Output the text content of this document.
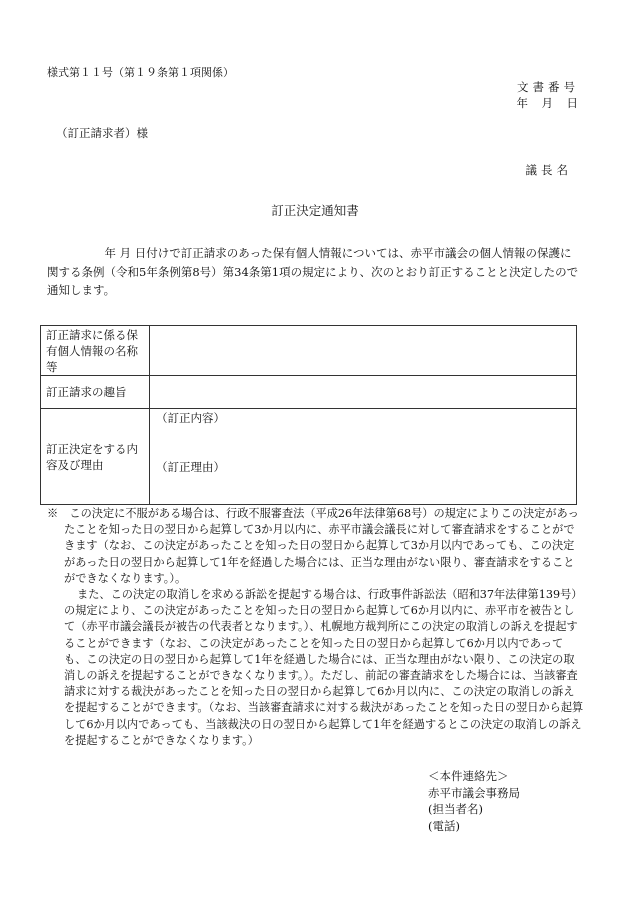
様式第１１号（第１９条第１項関係）
文書番号
年　月　日
（訂正請求者）様
議長名
訂正決定通知書

　年 月 日付けで訂正請求のあった保有個人情報については、赤平市議会の個人情報の保護に関する条例（令和5年条例第8号）第34条第1項の規定により、次のとおり訂正することと決定したので通知します。

訂正請求に係る保有個人情報の名称等	
訂正請求の趣旨	
訂正決定をする内容及び理由	（訂正内容）
（訂正理由）

※　この決定に不服がある場合は、行政不服審査法（平成26年法律第68号）の規定によりこの決定があったことを知った日の翌日から起算して3か月以内に、赤平市議会議長に対して審査請求をすることができます（なお、この決定があったことを知った日の翌日から起算して3か月以内であっても、この決定があった日の翌日から起算して1年を経過した場合には、正当な理由がない限り、審査請求をすることができなくなります。）。

また、この決定の取消しを求める訴訟を提起する場合は、行政事件訴訟法（昭和37年法律第139号）の規定により、この決定があったことを知った日の翌日から起算して6か月以内に、赤平市を被告として（赤平市議会議長が被告の代表者となります。）、札幌地方裁判所にこの決定の取消しの訴えを提起することができます（なお、この決定があったことを知った日の翌日から起算して6か月以内であっても、この決定の日の翌日から起算して1年を経過した場合には、正当な理由がない限り、この決定の取消しの訴えを提起することができなくなります。）。ただし、前記の審査請求をした場合には、当該審査請求に対する裁決があったことを知った日の翌日から起算して6か月以内に、この決定の取消しの訴えを提起することができます。（なお、当該審査請求に対する裁決があったことを知った日の翌日から起算して6か月以内であっても、当該裁決の日の翌日から起算して1年を経過するとこの決定の取消しの訴えを提起することができなくなります。）

＜本件連絡先＞
赤平市議会事務局
(担当者名)
(電話)
